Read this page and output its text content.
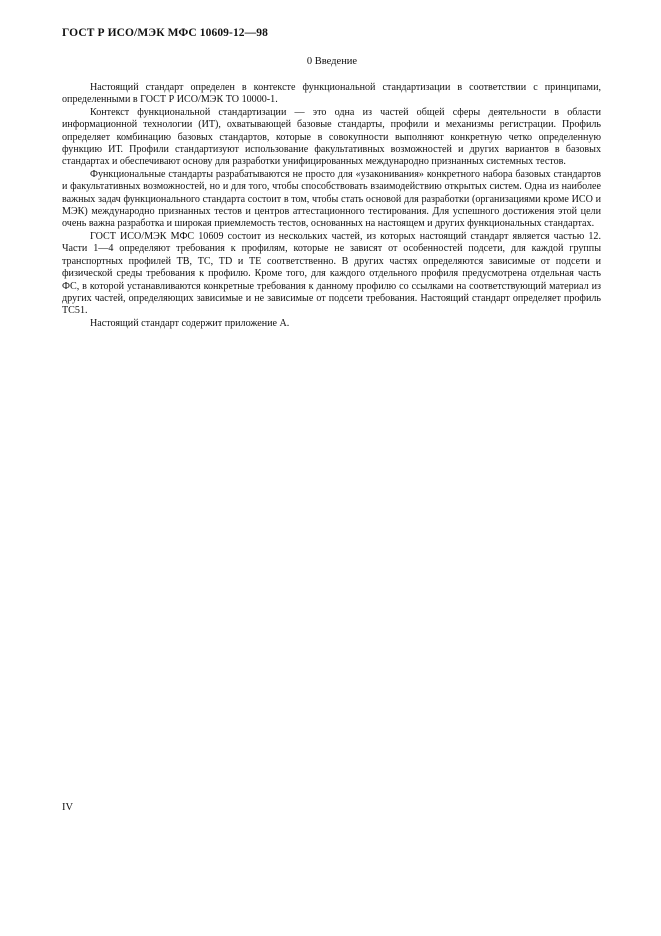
ГОСТ Р ИСО/МЭК МФС 10609-12—98
0 Введение

Настоящий стандарт определен в контексте функциональной стандартизации в соответствии с принципами, определенными в ГОСТ Р ИСО/МЭК ТО 10000-1.

Контекст функциональной стандартизации — это одна из частей общей сферы деятельности в области информационной технологии (ИТ), охватывающей базовые стандарты, профили и механизмы регистрации. Профиль определяет комбинацию базовых стандартов, которые в совокупности выполняют конкретную четко определенную функцию ИТ. Профили стандартизуют использование факультативных возможностей и других вариантов в базовых стандартах и обеспечивают основу для разработки унифицированных международно признанных системных тестов.

Функциональные стандарты разрабатываются не просто для «узаконивания» конкретного набора базовых стандартов и факультативных возможностей, но и для того, чтобы способствовать взаимодействию открытых систем. Одна из наиболее важных задач функционального стандарта состоит в том, чтобы стать основой для разработки (организациями кроме ИСО и МЭК) международно признанных тестов и центров аттестационного тестирования. Для успешного достижения этой цели очень важна разработка и широкая приемлемость тестов, основанных на настоящем и других функциональных стандартах.

ГОСТ ИСО/МЭК МФС 10609 состоит из нескольких частей, из которых настоящий стандарт является частью 12. Части 1—4 определяют требования к профилям, которые не зависят от особенностей подсети, для каждой группы транспортных профилей ТВ, ТС, TD и ТЕ соответственно. В других частях определяются зависимые от подсети и физической среды требования к профилю. Кроме того, для каждого отдельного профиля предусмотрена отдельная часть ФС, в которой устанавливаются конкретные требования к данному профилю со ссылками на соответствующий материал из других частей, определяющих зависимые и не зависимые от подсети требования. Настоящий стандарт определяет профиль ТС51.

Настоящий стандарт содержит приложение А.

IV
